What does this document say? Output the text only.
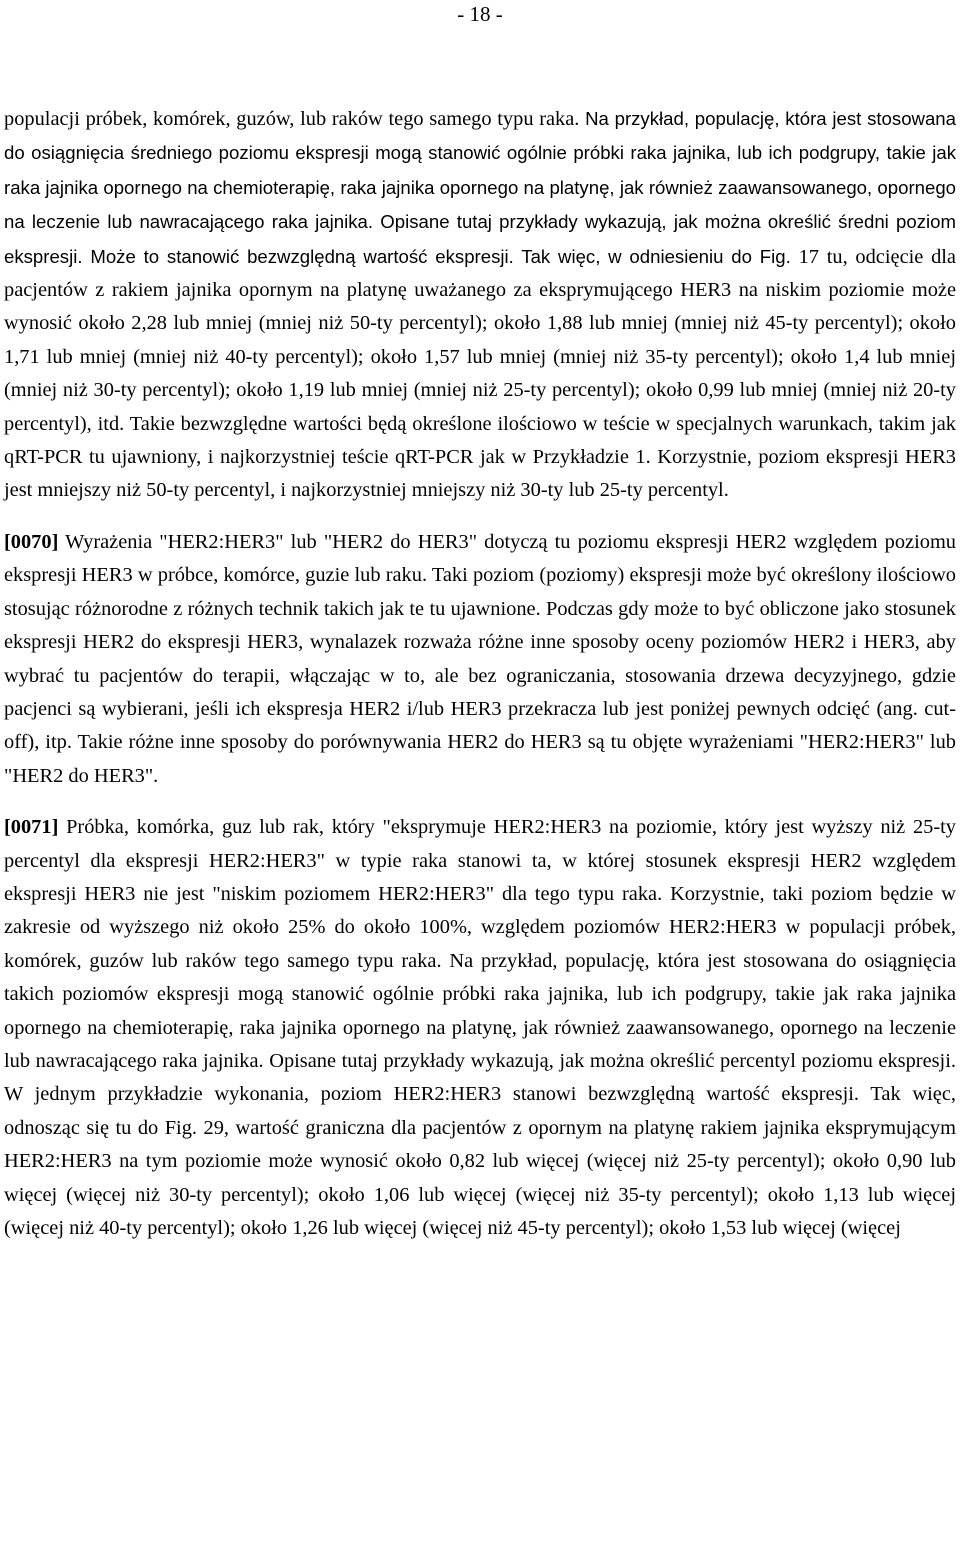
- 18 -

populacji próbek, komórek, guzów, lub raków tego samego typu raka. Na przykład, populację, która jest stosowana do osiągnięcia średniego poziomu ekspresji mogą stanowić ogólnie próbki raka jajnika, lub ich podgrupy, takie jak raka jajnika opornego na chemioterapię, raka jajnika opornego na platynę, jak również zaawansowanego, opornego na leczenie lub nawracającego raka jajnika. Opisane tutaj przykłady wykazują, jak można określić średni poziom ekspresji. Może to stanowić bezwzględną wartość ekspresji. Tak więc, w odniesieniu do Fig. 17 tu, odcięcie dla pacjentów z rakiem jajnika opornym na platynę uważanego za eksprymującego HER3 na niskim poziomie może wynosić około 2,28 lub mniej (mniej niż 50-ty percentyl); około 1,88 lub mniej (mniej niż 45-ty percentyl); około 1,71 lub mniej (mniej niż 40-ty percentyl); około 1,57 lub mniej (mniej niż 35-ty percentyl); około 1,4 lub mniej (mniej niż 30-ty percentyl); około 1,19 lub mniej (mniej niż 25-ty percentyl); około 0,99 lub mniej (mniej niż 20-ty percentyl), itd. Takie bezwzględne wartości będą określone ilościowo w teście w specjalnych warunkach, takim jak qRT-PCR tu ujawniony, i najkorzystniej teście qRT-PCR jak w Przykładzie 1. Korzystnie, poziom ekspresji HER3 jest mniejszy niż 50-ty percentyl, i najkorzystniej mniejszy niż 30-ty lub 25-ty percentyl.

[0070] Wyrażenia "HER2:HER3" lub "HER2 do HER3" dotyczą tu poziomu ekspresji HER2 względem poziomu ekspresji HER3 w próbce, komórce, guzie lub raku. Taki poziom (poziomy) ekspresji może być określony ilościowo stosując różnorodne z różnych technik takich jak te tu ujawnione. Podczas gdy może to być obliczone jako stosunek ekspresji HER2 do ekspresji HER3, wynalazek rozważa różne inne sposoby oceny poziomów HER2 i HER3, aby wybrać tu pacjentów do terapii, włączając w to, ale bez ograniczania, stosowania drzewa decyzyjnego, gdzie pacjenci są wybierani, jeśli ich ekspresja HER2 i/lub HER3 przekracza lub jest poniżej pewnych odcięć (ang. cut-off), itp. Takie różne inne sposoby do porównywania HER2 do HER3 są tu objęte wyrażeniami "HER2:HER3" lub "HER2 do HER3".

[0071] Próbka, komórka, guz lub rak, który "eksprymuje HER2:HER3 na poziomie, który jest wyższy niż 25-ty percentyl dla ekspresji HER2:HER3" w typie raka stanowi ta, w której stosunek ekspresji HER2 względem ekspresji HER3 nie jest "niskim poziomem HER2:HER3" dla tego typu raka. Korzystnie, taki poziom będzie w zakresie od wyższego niż około 25% do około 100%, względem poziomów HER2:HER3 w populacji próbek, komórek, guzów lub raków tego samego typu raka. Na przykład, populację, która jest stosowana do osiągnięcia takich poziomów ekspresji mogą stanowić ogólnie próbki raka jajnika, lub ich podgrupy, takie jak raka jajnika opornego na chemioterapię, raka jajnika opornego na platynę, jak również zaawansowanego, opornego na leczenie lub nawracającego raka jajnika. Opisane tutaj przykłady wykazują, jak można określić percentyl poziomu ekspresji. W jednym przykładzie wykonania, poziom HER2:HER3 stanowi bezwzględną wartość ekspresji. Tak więc, odnosząc się tu do Fig. 29, wartość graniczna dla pacjentów z opornym na platynę rakiem jajnika eksprymującym HER2:HER3 na tym poziomie może wynosić około 0,82 lub więcej (więcej niż 25-ty percentyl); około 0,90 lub więcej (więcej niż 30-ty percentyl); około 1,06 lub więcej (więcej niż 35-ty percentyl); około 1,13 lub więcej (więcej niż 40-ty percentyl); około 1,26 lub więcej (więcej niż 45-ty percentyl); około 1,53 lub więcej (więcej
